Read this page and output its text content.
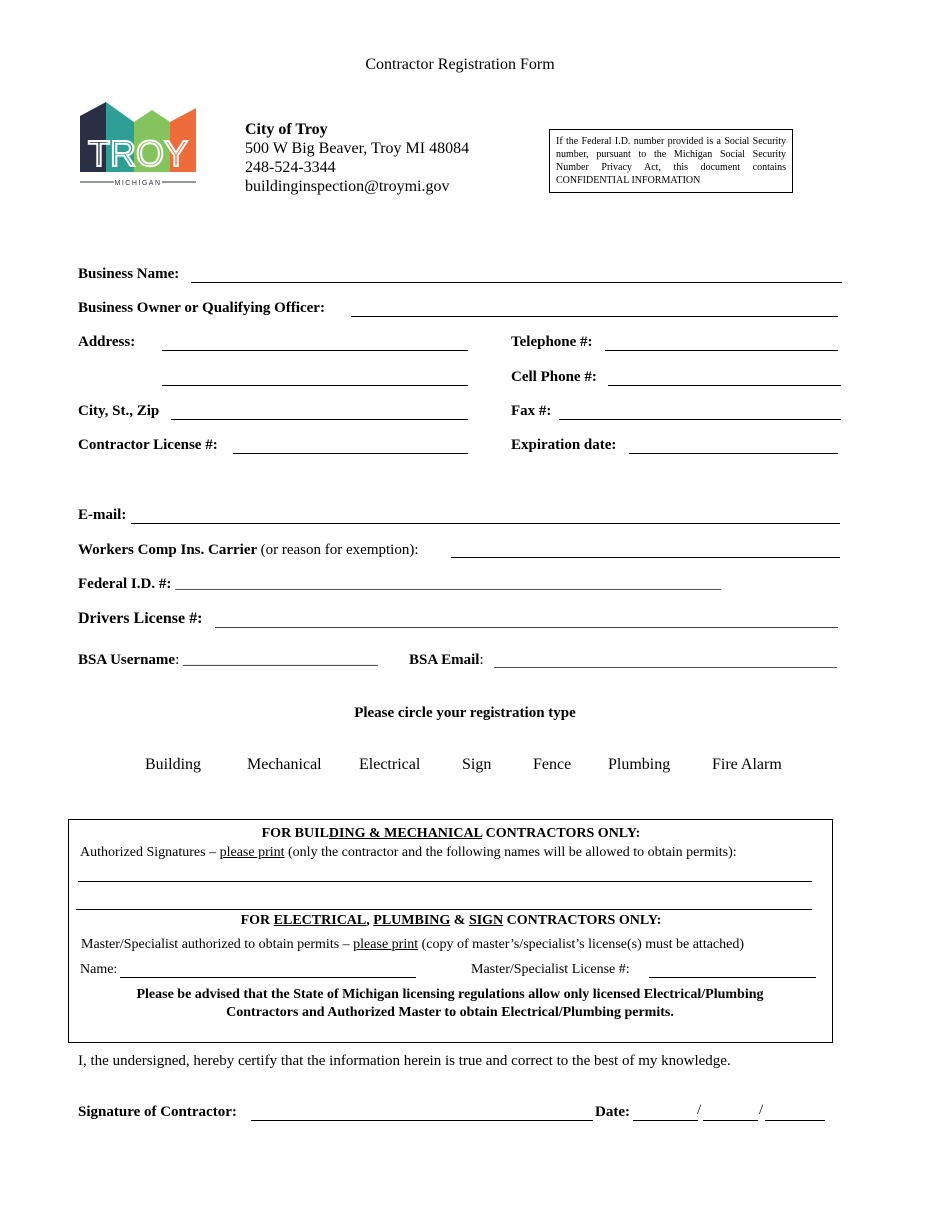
Contractor Registration Form
TROY
MICHIGAN
City of Troy
500 W Big Beaver, Troy MI 48084
248-524-3344
buildinginspection@troymi.gov
If the Federal I.D. number provided is a Social Security number, pursuant to the Michigan Social Security Number Privacy Act, this document contains CONFIDENTIAL INFORMATION
Business Name:
Business Owner or Qualifying Officer:
Address:	Telephone #:
Cell Phone #:
City, St., Zip	Fax #:
Contractor License #:	Expiration date:
E-mail:
Workers Comp Ins. Carrier (or reason for exemption):
Federal I.D. #: ______________________________________________________________________________
Drivers License #:
BSA Username: __________________________ BSA Email:
Please circle your registration type
Building	Mechanical Electrical	Sign	Fence Plumbing	Fire Alarm
FOR BUILDING & MECHANICAL CONTRACTORS ONLY:
Authorized Signatures – please print (only the contractor and the following names will be allowed to obtain permits):
FOR ELECTRICAL, PLUMBING & SIGN CONTRACTORS ONLY:
Master/Specialist authorized to obtain permits – please print (copy of master’s/specialist’s license(s) must be attached)
Name:	Master/Specialist License #:
Please be advised that the State of Michigan licensing regulations allow only licensed Electrical/Plumbing
Contractors and Authorized Master to obtain Electrical/Plumbing permits.
I, the undersigned, hereby certify that the information herein is true and correct to the best of my knowledge.
Signature of Contractor:	Date:	/	/
